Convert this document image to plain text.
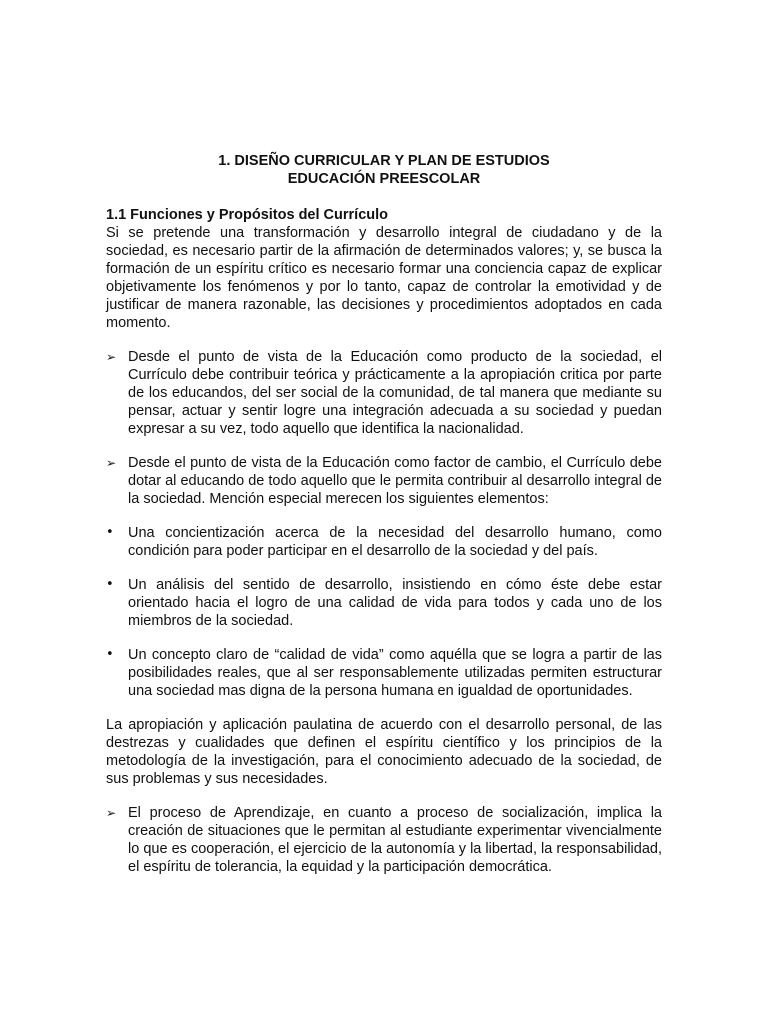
1. DISEÑO CURRICULAR Y PLAN DE ESTUDIOS
EDUCACIÓN PREESCOLAR
1.1 Funciones y Propósitos del Currículo

Si se pretende una transformación y desarrollo integral de ciudadano y de la sociedad, es necesario partir de la afirmación de determinados valores; y, se busca la formación de un espíritu crítico es necesario formar una conciencia capaz de explicar objetivamente los fenómenos y por lo tanto, capaz de controlar la emotividad y de justificar de manera razonable, las decisiones y procedimientos adoptados en cada momento.

➢ Desde el punto de vista de la Educación como producto de la sociedad, el Currículo debe contribuir teórica y prácticamente a la apropiación critica por parte de los educandos, del ser social de la comunidad, de tal manera que mediante su pensar, actuar y sentir logre una integración adecuada a su sociedad y puedan expresar a su vez, todo aquello que identifica la nacionalidad.
➢ Desde el punto de vista de la Educación como factor de cambio, el Currículo debe dotar al educando de todo aquello que le permita contribuir al desarrollo integral de la sociedad. Mención especial merecen los siguientes elementos:
• Una concientización acerca de la necesidad del desarrollo humano, como condición para poder participar en el desarrollo de la sociedad y del país.
• Un análisis del sentido de desarrollo, insistiendo en cómo éste debe estar orientado hacia el logro de una calidad de vida para todos y cada uno de los miembros de la sociedad.
• Un concepto claro de “calidad de vida” como aquélla que se logra a partir de las posibilidades reales, que al ser responsablemente utilizadas permiten estructurar una sociedad mas digna de la persona humana en igualdad de oportunidades.

La apropiación y aplicación paulatina de acuerdo con el desarrollo personal, de las destrezas y cualidades que definen el espíritu científico y los principios de la metodología de la investigación, para el conocimiento adecuado de la sociedad, de sus problemas y sus necesidades.

➢ El proceso de Aprendizaje, en cuanto a proceso de socialización, implica la creación de situaciones que le permitan al estudiante experimentar vivencialmente lo que es cooperación, el ejercicio de la autonomía y la libertad, la responsabilidad, el espíritu de tolerancia, la equidad y la participación democrática.
